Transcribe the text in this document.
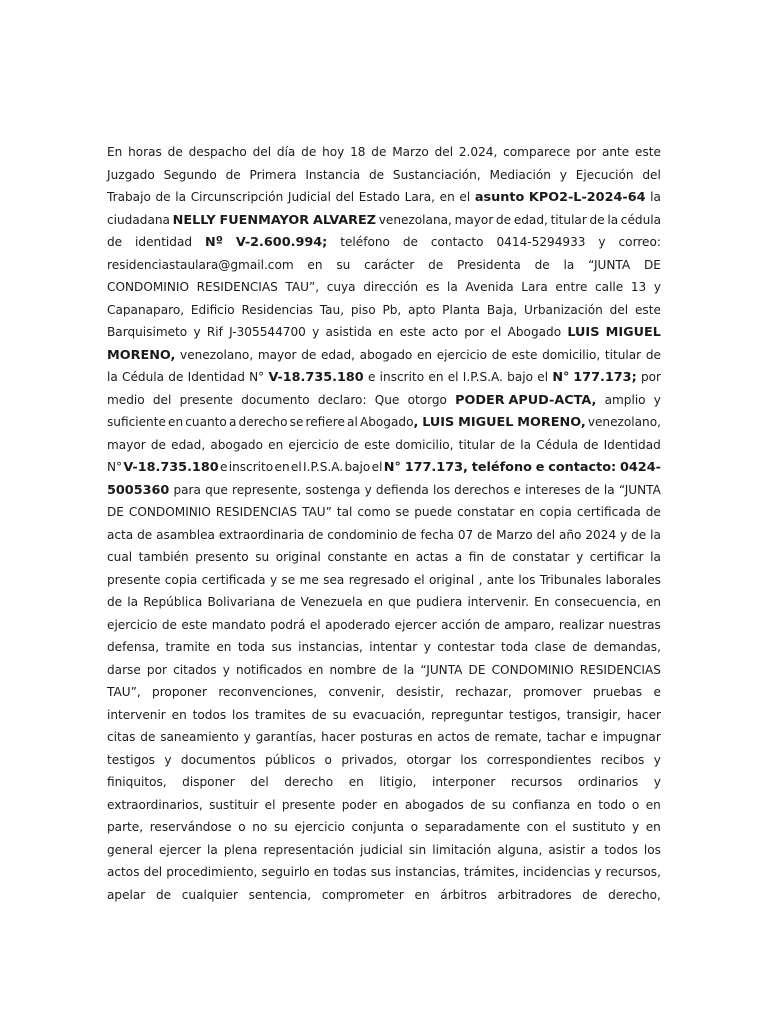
En horas de despacho del día de hoy 18 de Marzo del 2.024, comparece por ante este
Juzgado Segundo de Primera Instancia de Sustanciación, Mediación y Ejecución del
Trabajo de la Circunscripción Judicial del Estado Lara, en el asunto KPO2-L-2024-64 la
ciudadana NELLY FUENMAYOR ALVAREZ venezolana, mayor de edad, titular de la cédula
de identidad Nº V-2.600.994; teléfono de contacto 0414-5294933 y correo:
residenciastaulara@gmail.com en su carácter de Presidenta de la “JUNTA DE
CONDOMINIO RESIDENCIAS TAU”, cuya dirección es la Avenida Lara entre calle 13 y
Capanaparo, Edificio Residencias Tau, piso Pb, apto Planta Baja, Urbanización del este
Barquisimeto y Rif J-305544700 y asistida en este acto por el Abogado LUIS MIGUEL
MORENO, venezolano, mayor de edad, abogado en ejercicio de este domicilio, titular de
la Cédula de Identidad N° V-18.735.180 e inscrito en el I.P.S.A. bajo el N° 177.173; por
medio del presente documento declaro: Que otorgo PODER APUD-ACTA, amplio y
suficiente en cuanto a derecho se refiere al Abogado, LUIS MIGUEL MORENO, venezolano,
mayor de edad, abogado en ejercicio de este domicilio, titular de la Cédula de Identidad
N° V-18.735.180 e inscrito en el I.P.S.A. bajo el N° 177.173, teléfono e contacto: 0424-
5005360 para que represente, sostenga y defienda los derechos e intereses de la “JUNTA
DE CONDOMINIO RESIDENCIAS TAU” tal como se puede constatar en copia certificada de
acta de asamblea extraordinaria de condominio de fecha 07 de Marzo del año 2024 y de la
cual también presento su original constante en actas a fin de constatar y certificar la
presente copia certificada y se me sea regresado el original , ante los Tribunales laborales
de la República Bolivariana de Venezuela en que pudiera intervenir. En consecuencia, en
ejercicio de este mandato podrá el apoderado ejercer acción de amparo, realizar nuestras
defensa, tramite en toda sus instancias, intentar y contestar toda clase de demandas,
darse por citados y notificados en nombre de la “JUNTA DE CONDOMINIO RESIDENCIAS
TAU”, proponer reconvenciones, convenir, desistir, rechazar, promover pruebas e
intervenir en todos los tramites de su evacuación, repreguntar testigos, transigir, hacer
citas de saneamiento y garantías, hacer posturas en actos de remate, tachar e impugnar
testigos y documentos públicos o privados, otorgar los correspondientes recibos y
finiquitos, disponer del derecho en litigio, interponer recursos ordinarios y
extraordinarios, sustituir el presente poder en abogados de su confianza en todo o en
parte, reservándose o no su ejercicio conjunta o separadamente con el sustituto y en
general ejercer la plena representación judicial sin limitación alguna, asistir a todos los
actos del procedimiento, seguirlo en todas sus instancias, trámites, incidencias y recursos,
apelar de cualquier sentencia, comprometer en árbitros arbitradores de derecho,
